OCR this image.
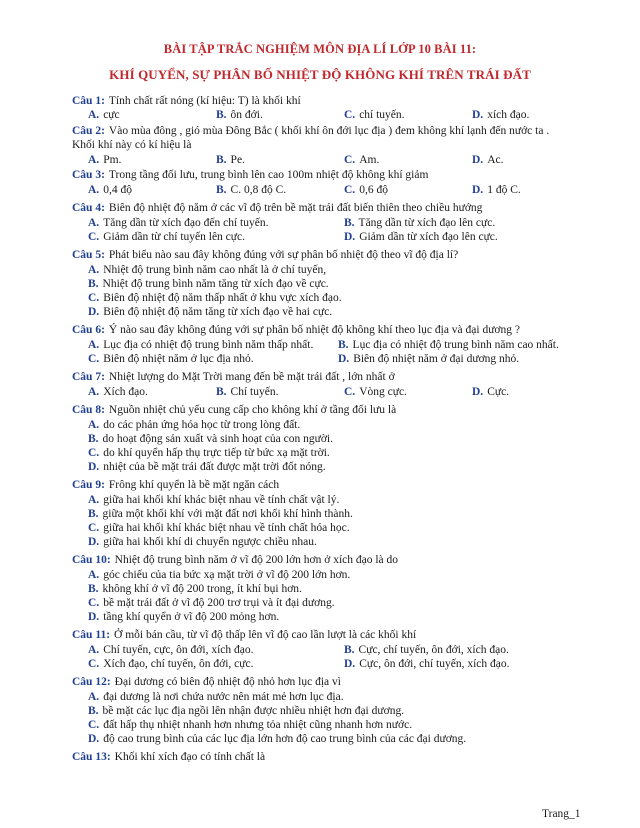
BÀI TẬP TRẮC NGHIỆM MÔN ĐỊA LÍ LỚP 10 BÀI 11:
KHÍ QUYỂN, SỰ PHÂN BỐ NHIỆT ĐỘ KHÔNG KHÍ TRÊN TRÁI ĐẤT
Câu 1: Tính chất rất nóng (kí hiệu: T) là khối khí
A. cực	B. ôn đới.	C. chí tuyến.	D. xích đạo.
Câu 2: Vào mùa đông , gió mùa Đông Bắc ( khối khí ôn đới lục địa ) đem không khí lạnh đến nước ta . Khối khí này có kí hiệu là
A. Pm.	B. Pe.	C. Am.	D. Ac.
Câu 3: Trong tầng đối lưu, trung bình lên cao 100m nhiệt độ không khí giảm
A. 0,4 độ	B. C. 0,8 độ C.	C. 0,6 độ	D. 1 độ C.
Câu 4: Biên độ nhiệt độ năm ở các vĩ độ trên bề mặt trái đất biến thiên theo chiều hướng
A. Tăng dần từ xích đạo đến chí tuyến.	B. Tăng dần từ xích đạo lên cực.
C. Giảm dần từ chí tuyến lên cực.	D. Giảm dần từ xích đạo lên cực.
Câu 5: Phát biểu nào sau đây không đúng với sự phân bố nhiệt độ theo vĩ độ địa lí?
A. Nhiệt độ trung bình năm cao nhất là ở chí tuyến,
B. Nhiệt độ trung bình năm tăng từ xích đạo về cực.
C. Biên độ nhiệt độ năm thấp nhất ở khu vực xích đạo.
D. Biên độ nhiệt độ năm tăng từ xích đạo về hai cực.
Câu 6: Ý nào sau đây không đúng với sự phân bố nhiệt độ không khí theo lục địa và đại dương ?
A. Lục địa có nhiệt độ trung bình năm thấp nhất. B. Lục địa có nhiệt độ trung bình năm cao nhất.
C. Biên độ nhiệt năm ở lục địa nhỏ.	D. Biên độ nhiệt năm ở đại dương nhỏ.
Câu 7: Nhiệt lượng do Mặt Trời mang đến bề mặt trái đất , lớn nhất ở
A. Xích đạo.	B. Chí tuyến.	C. Vòng cực.	D. Cực.
Câu 8: Nguồn nhiệt chủ yếu cung cấp cho không khí ở tầng đối lưu là
A. do các phản ứng hóa học từ trong lòng đất.
B. do hoạt động sản xuất và sinh hoạt của con người.
C. do khí quyển hấp thụ trực tiếp từ bức xạ mặt trời.
D. nhiệt của bề mặt trái đất được mặt trời đốt nóng.
Câu 9: Frông khí quyển là bề mặt ngăn cách
A. giữa hai khối khí khác biệt nhau về tính chất vật lý.
B. giữa một khối khí với mặt đất nơi khối khí hình thành.
C. giữa hai khối khí khác biệt nhau về tính chất hóa học.
D. giữa hai khối khí di chuyển ngược chiều nhau.
Câu 10: Nhiệt độ trung bình năm ở vĩ độ 200 lớn hơn ở xích đạo là do
A. góc chiếu của tia bức xạ mặt trời ở vĩ độ 200 lớn hơn.
B. không khí ở vĩ độ 200 trong, ít khí bụi hơn.
C. bề mặt trái đất ở vĩ độ 200 trơ trụi và ít đại dương.
D. tầng khí quyển ở vĩ độ 200 mỏng hơn.
Câu 11: Ở mỗi bán cầu, từ vĩ độ thấp lên vĩ độ cao lần lượt là các khối khí
A. Chí tuyến, cực, ôn đới, xích đạo.	B. Cực, chí tuyến, ôn đới, xích đạo.
C. Xích đạo, chí tuyến, ôn đới, cực.	D. Cực, ôn đới, chí tuyến, xích đạo.
Câu 12: Đại dương có biên độ nhiệt độ nhỏ hơn lục địa vì
A. đại dương là nơi chứa nước nên mát mẻ hơn lục địa.
B. bề mặt các lục địa ngồi lên nhận được nhiều nhiệt hơn đại dương.
C. đất hấp thụ nhiệt nhanh hơn nhưng tỏa nhiệt cũng nhanh hơn nước.
D. độ cao trung bình của các lục địa lớn hơn độ cao trung bình của các đại dương.
Câu 13: Khối khí xích đạo có tính chất là
Trang_1
